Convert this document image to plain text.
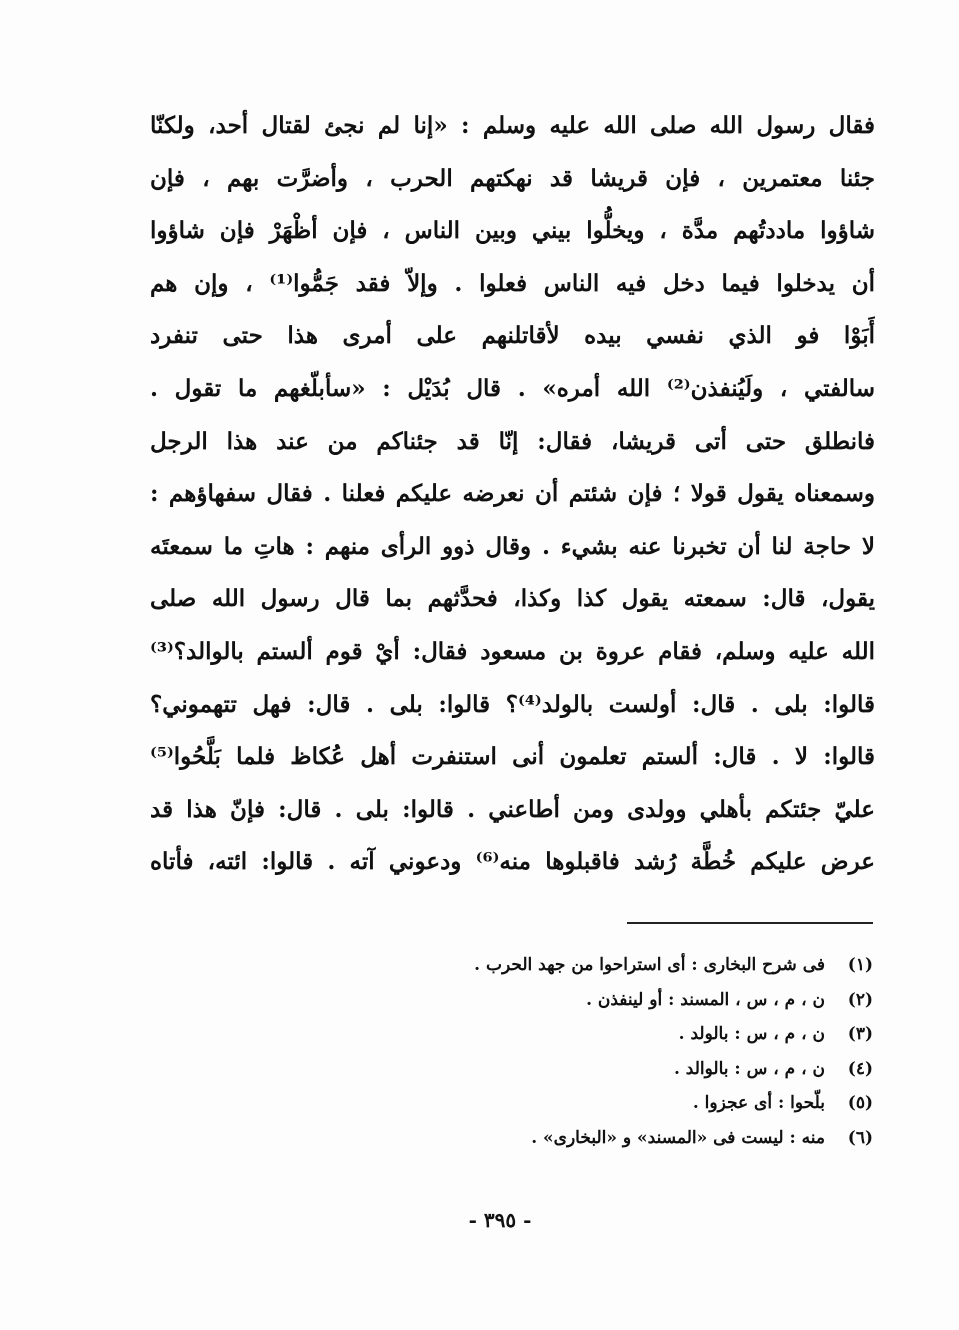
فقال رسول الله صلى الله عليه وسلم : «إنا لم نجئ لقتال أحد، ولكنّا
جئنا معتمرين ، فإن قريشا قد نهكتهم الحرب ، وأضرَّت بهم ، فإن
شاؤوا ماددتُهم مدَّة ، ويخلُّوا بيني وبين الناس ، فإن أظْهَرْ فإن شاؤوا
أن يدخلوا فيما دخل فيه الناس فعلوا . وإلاّ فقد جَمُّوا⁽¹⁾ ، وإن هم
أَبَوْا فو الذي نفسي بيده لأقاتلنهم على أمرى هذا حتى تنفرد
سالفتي ، ولَيُنفذن⁽²⁾ الله أمره» . قال بُدَيْل : «سأبلّغهم ما تقول .
فانطلق حتى أتى قريشا، فقال: إنّا قد جئناكم من عند هذا الرجل
وسمعناه يقول قولا ؛ فإن شئتم أن نعرضه عليكم فعلنا . فقال سفهاؤهم :
لا حاجة لنا أن تخبرنا عنه بشيء . وقال ذوو الرأى منهم : هاتِ ما سمعتَه
يقول، قال: سمعته يقول كذا وكذا، فحدَّثهم بما قال رسول الله صلى
الله عليه وسلم، فقام عروة بن مسعود فقال: أيْ قوم ألستم بالوالد؟⁽³⁾
قالوا: بلى . قال: أولست بالولد⁽⁴⁾؟ قالوا: بلى . قال: فهل تتهموني؟
قالوا: لا . قال: ألستم تعلمون أنى استنفرت أهل عُكاظ فلما بَلَّحُوا⁽⁵⁾
عليّ جئتكم بأهلي وولدى ومن أطاعني . قالوا: بلى . قال: فإنّ هذا قد
عرض عليكم خُطَّة رُشد فاقبلوها منه⁽⁶⁾ ودعوني آته . قالوا: ائته، فأتاه
(١)
فى شرح البخارى : أى استراحوا من جهد الحرب .
(٢)
ن ، م ، س ، المسند : أو لينفذن .
(٣)
ن ، م ، س : بالولد .
(٤)
ن ، م ، س : بالوالد .
(٥)
بلّحوا : أى عجزوا .
(٦)
منه : ليست فى «المسند» و «البخارى» .
- ٣٩٥ -
